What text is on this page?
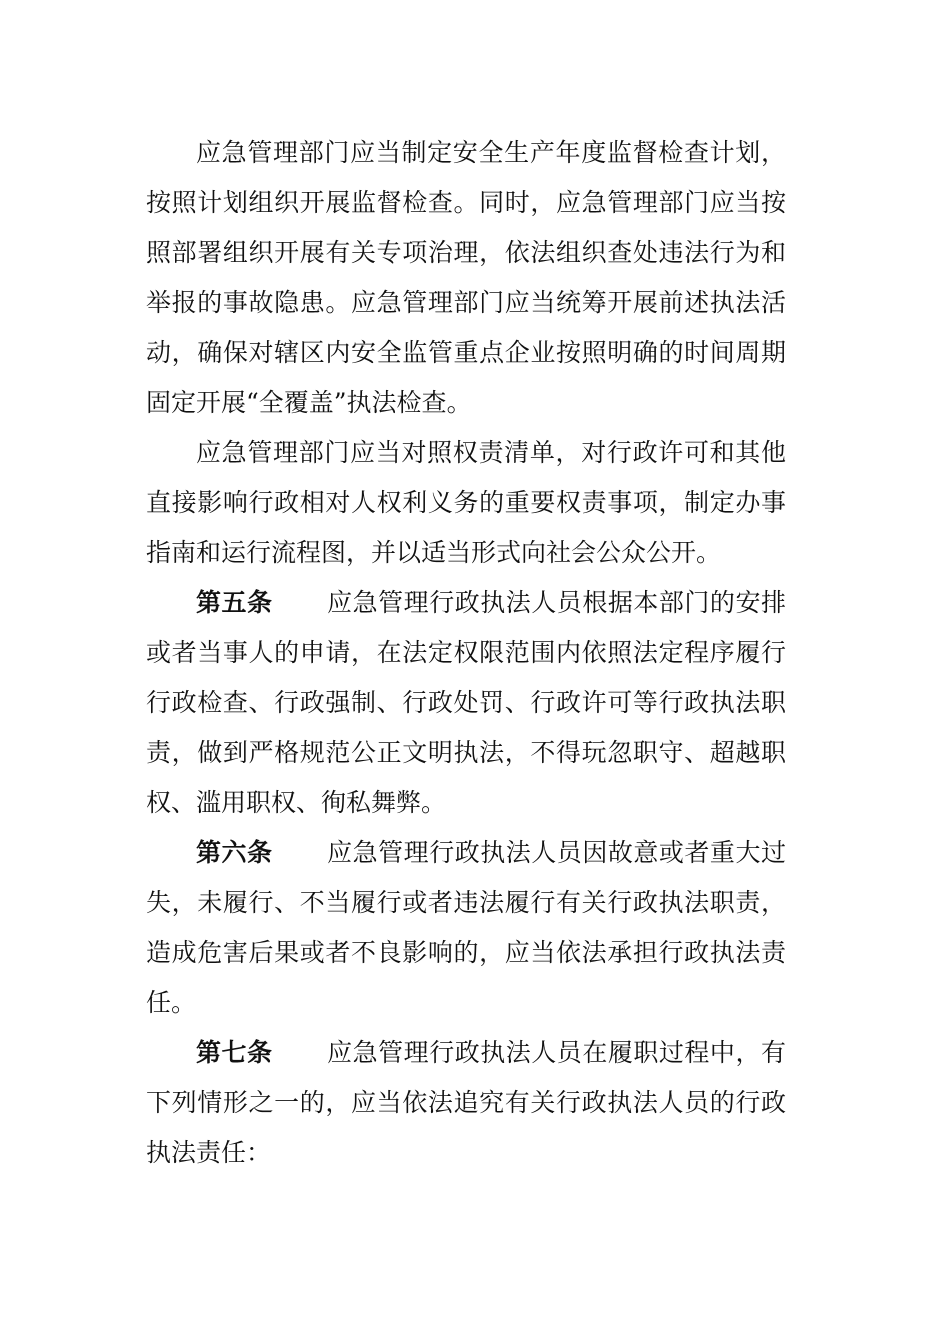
应急管理部门应当制定安全生产年度监督检查计划，

按照计划组织开展监督检查。同时，应急管理部门应当按

照部署组织开展有关专项治理，依法组织查处违法行为和

举报的事故隐患。应急管理部门应当统筹开展前述执法活

动，确保对辖区内安全监管重点企业按照明确的时间周期

固定开展“全覆盖”执法检查。

应急管理部门应当对照权责清单，对行政许可和其他

直接影响行政相对人权利义务的重要权责事项，制定办事

指南和运行流程图，并以适当形式向社会公众公开。

第五条 应急管理行政执法人员根据本部门的安排

或者当事人的申请，在法定权限范围内依照法定程序履行

行政检查、行政强制、行政处罚、行政许可等行政执法职

责，做到严格规范公正文明执法，不得玩忽职守、超越职

权、滥用职权、徇私舞弊。

第六条 应急管理行政执法人员因故意或者重大过

失，未履行、不当履行或者违法履行有关行政执法职责，

造成危害后果或者不良影响的，应当依法承担行政执法责

任。

第七条 应急管理行政执法人员在履职过程中，有

下列情形之一的，应当依法追究有关行政执法人员的行政

执法责任：
